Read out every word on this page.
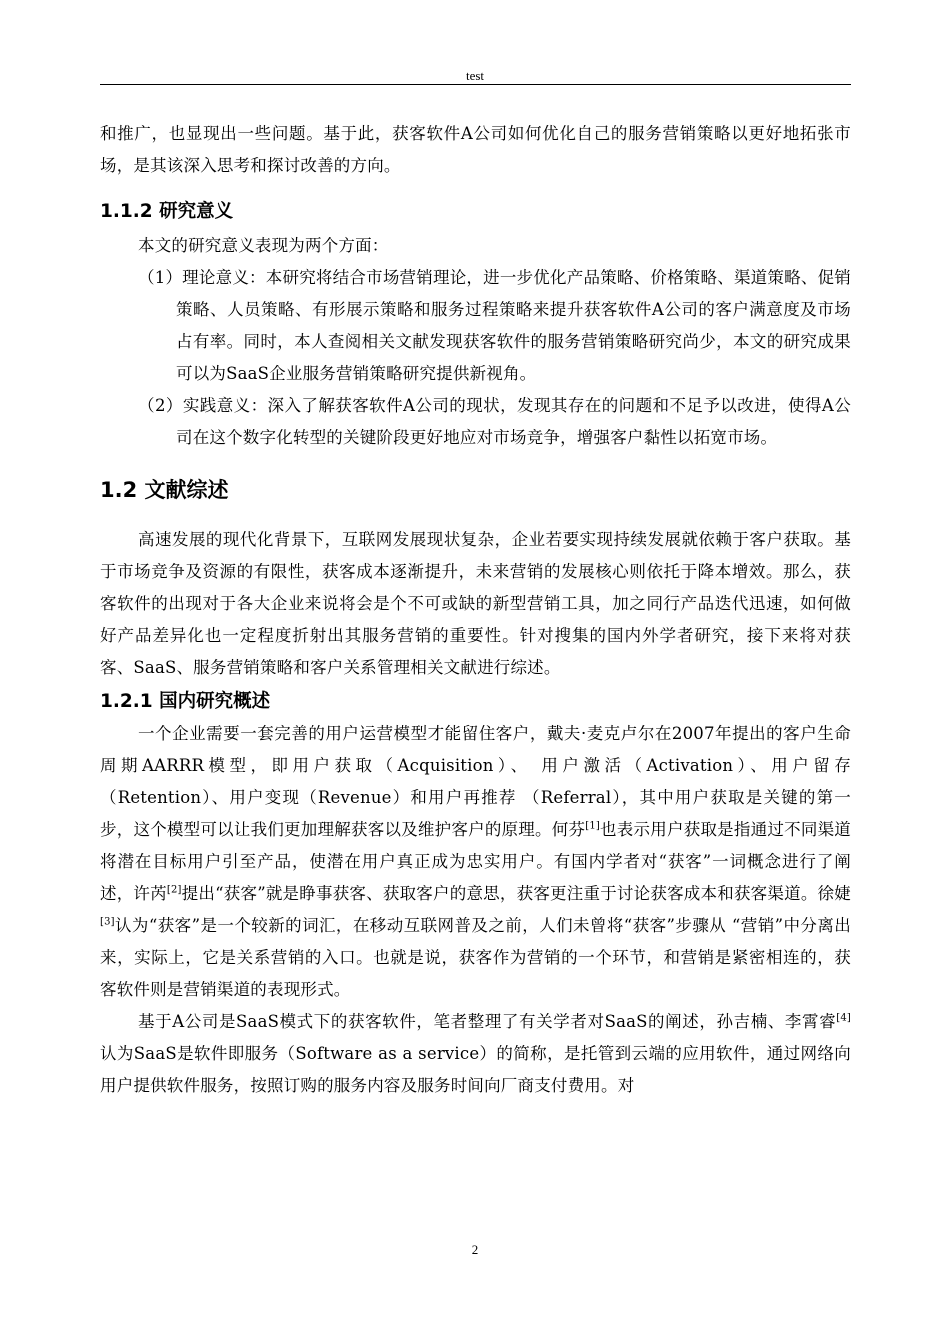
test

和推广，也显现出一些问题。基于此，获客软件A公司如何优化自己的服务营销策略以更好地拓张市场，是其该深入思考和探讨改善的方向。

1.1.2 研究意义

本文的研究意义表现为两个方面：

（1）理论意义：本研究将结合市场营销理论，进一步优化产品策略、价格策略、渠道策略、促销策略、人员策略、有形展示策略和服务过程策略来提升获客软件A公司的客户满意度及市场占有率。同时，本人查阅相关文献发现获客软件的服务营销策略研究尚少，本文的研究成果可以为SaaS企业服务营销策略研究提供新视角。

（2）实践意义：深入了解获客软件A公司的现状，发现其存在的问题和不足予以改进，使得A公司在这个数字化转型的关键阶段更好地应对市场竞争，增强客户黏性以拓宽市场。

1.2 文献综述

高速发展的现代化背景下，互联网发展现状复杂，企业若要实现持续发展就依赖于客户获取。基于市场竞争及资源的有限性，获客成本逐渐提升，未来营销的发展核心则依托于降本增效。那么，获客软件的出现对于各大企业来说将会是个不可或缺的新型营销工具，加之同行产品迭代迅速，如何做好产品差异化也一定程度折射出其服务营销的重要性。针对搜集的国内外学者研究，接下来将对获客、SaaS、服务营销策略和客户关系管理相关文献进行综述。

1.2.1 国内研究概述

一个企业需要一套完善的用户运营模型才能留住客户，戴夫·麦克卢尔在2007年提出的客户生命周期AARRR模型，即用户获取（Acquisition）、 用户激活（Activation）、用户留存（Retention）、用户变现（Revenue）和用户再推荐 （Referral），其中用户获取是关键的第一步，这个模型可以让我们更加理解获客以及维护客户的原理。何芬[1]也表示用户获取是指通过不同渠道将潜在目标用户引至产品，使潜在用户真正成为忠实用户。有国内学者对“获客”一词概念进行了阐述，许芮[2]提出“获客”就是睁事获客、获取客户的意思，获客更注重于讨论获客成本和获客渠道。徐婕[3]认为“获客”是一个较新的词汇，在移动互联网普及之前，人们未曾将“获客”步骤从 “营销”中分离出来，实际上，它是关系营销的入口。也就是说，获客作为营销的一个环节，和营销是紧密相连的，获客软件则是营销渠道的表现形式。

基于A公司是SaaS模式下的获客软件，笔者整理了有关学者对SaaS的阐述，孙吉楠、李霄睿[4]认为SaaS是软件即服务（Software as a service）的简称，是托管到云端的应用软件，通过网络向用户提供软件服务，按照订购的服务内容及服务时间向厂商支付费用。对

2
